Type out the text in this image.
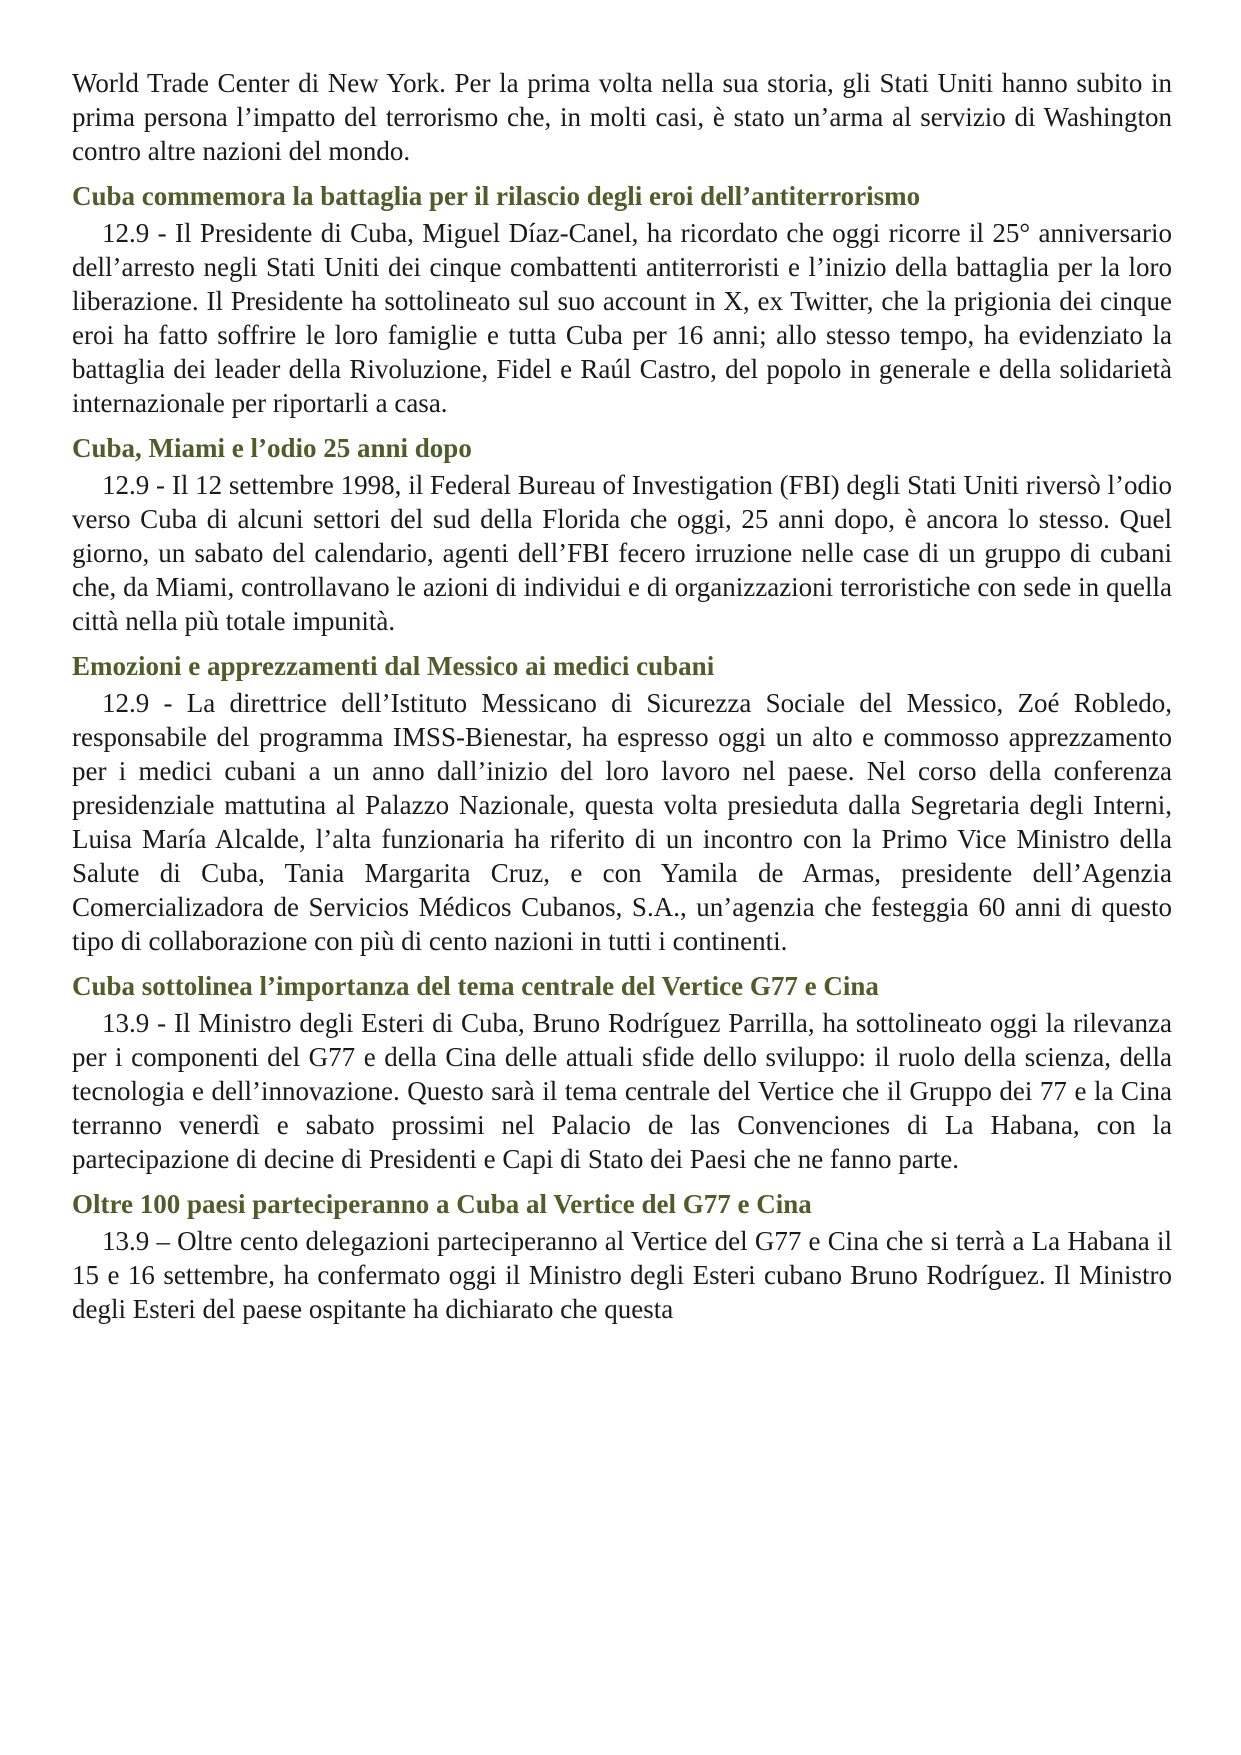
World Trade Center di New York. Per la prima volta nella sua storia, gli Stati Uniti hanno subito in prima persona l’impatto del terrorismo che, in molti casi, è stato un’arma al servizio di Washington contro altre nazioni del mondo.

Cuba commemora la battaglia per il rilascio degli eroi dell’antiterrorismo

12.9 - Il Presidente di Cuba, Miguel Díaz-Canel, ha ricordato che oggi ricorre il 25° anniversario dell’arresto negli Stati Uniti dei cinque combattenti antiterroristi e l’inizio della battaglia per la loro liberazione. Il Presidente ha sottolineato sul suo account in X, ex Twitter, che la prigionia dei cinque eroi ha fatto soffrire le loro famiglie e tutta Cuba per 16 anni; allo stesso tempo, ha evidenziato la battaglia dei leader della Rivoluzione, Fidel e Raúl Castro, del popolo in generale e della solidarietà internazionale per riportarli a casa.

Cuba, Miami e l’odio 25 anni dopo

12.9 - Il 12 settembre 1998, il Federal Bureau of Investigation (FBI) degli Stati Uniti riversò l’odio verso Cuba di alcuni settori del sud della Florida che oggi, 25 anni dopo, è ancora lo stesso. Quel giorno, un sabato del calendario, agenti dell’FBI fecero irruzione nelle case di un gruppo di cubani che, da Miami, controllavano le azioni di individui e di organizzazioni terroristiche con sede in quella città nella più totale impunità.

Emozioni e apprezzamenti dal Messico ai medici cubani

12.9 - La direttrice dell’Istituto Messicano di Sicurezza Sociale del Messico, Zoé Robledo, responsabile del programma IMSS-Bienestar, ha espresso oggi un alto e commosso apprezzamento per i medici cubani a un anno dall’inizio del loro lavoro nel paese. Nel corso della conferenza presidenziale mattutina al Palazzo Nazionale, questa volta presieduta dalla Segretaria degli Interni, Luisa María Alcalde, l’alta funzionaria ha riferito di un incontro con la Primo Vice Ministro della Salute di Cuba, Tania Margarita Cruz, e con Yamila de Armas, presidente dell’Agenzia Comercializadora de Servicios Médicos Cubanos, S.A., un’agenzia che festeggia 60 anni di questo tipo di collaborazione con più di cento nazioni in tutti i continenti.

Cuba sottolinea l’importanza del tema centrale del Vertice G77 e Cina

13.9 - Il Ministro degli Esteri di Cuba, Bruno Rodríguez Parrilla, ha sottolineato oggi la rilevanza per i componenti del G77 e della Cina delle attuali sfide dello sviluppo: il ruolo della scienza, della tecnologia e dell’innovazione. Questo sarà il tema centrale del Vertice che il Gruppo dei 77 e la Cina terranno venerdì e sabato prossimi nel Palacio de las Convenciones di La Habana, con la partecipazione di decine di Presidenti e Capi di Stato dei Paesi che ne fanno parte.

Oltre 100 paesi parteciperanno a Cuba al Vertice del G77 e Cina

13.9 – Oltre cento delegazioni parteciperanno al Vertice del G77 e Cina che si terrà a La Habana il 15 e 16 settembre, ha confermato oggi il Ministro degli Esteri cubano Bruno Rodríguez. Il Ministro degli Esteri del paese ospitante ha dichiarato che questa
